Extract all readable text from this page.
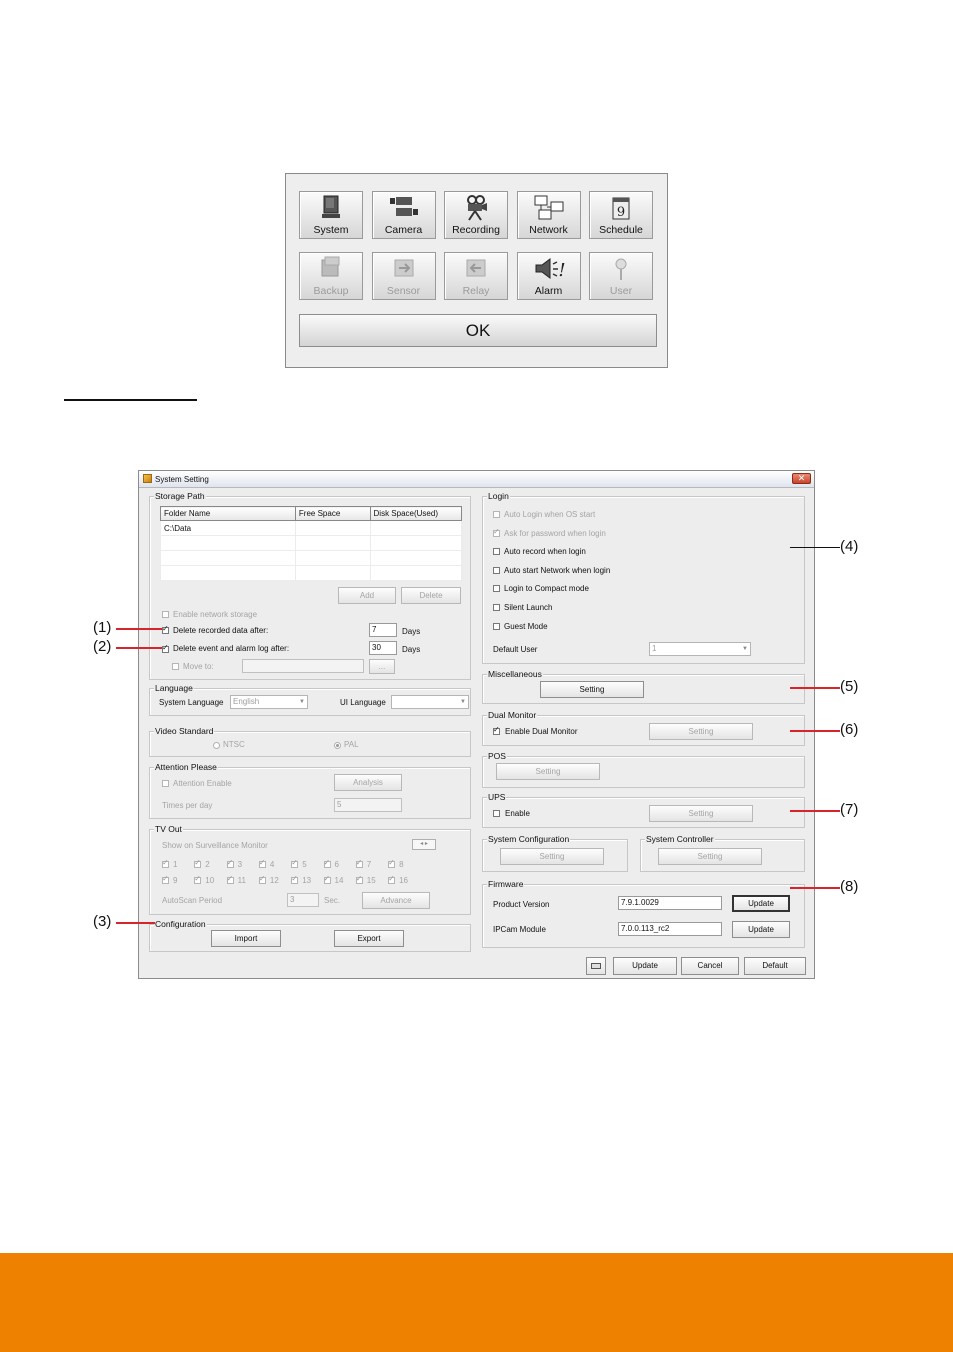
System	Camera	Recording	Network
9
Schedule
Backup	Sensor	Relay
!
Alarm	User
OK
System Setting	✕
Storage Path
Folder Name	Free Space	Disk Space(Used)
C:\Data		

Add	Delete
Enable network storage
✓ Delete recorded data after:	7	Days
✓ Delete event and alarm log after:	30	Days
Move to:	...
Language
System Language	English	▼	UI Language	▼
Video Standard
NTSC	PAL
Attention Please
Attention Enable	Analysis
Times per day	5
TV Out
Show on Surveillance Monitor	◂ ▸
✓ 1 ✓ 2 ✓ 3 ✓ 4 ✓ 5 ✓ 6 ✓ 7 ✓ 8
✓ 9 ✓ 10 ✓ 11 ✓ 12 ✓ 13 ✓ 14 ✓ 15 ✓ 16
AutoScan Period	3	Sec.	Advance
Configuration
Import	Export
Login
Auto Login when OS start
✓ Ask for password when login
Auto record when login
Auto start Network when login
Login to Compact mode
Silent Launch
Guest Mode
Default User	1	▼
Miscellaneous
Setting
Dual Monitor
✓ Enable Dual Monitor	Setting
POS
Setting
UPS
Enable	Setting
System Configuration
Setting
System Controller
Setting
Firmware
Product Version	7.9.1.0029	Update
IPCam Module	7.0.0.113_rc2	Update
Update	Cancel	Default
(1)
(2)
(3)
(4)
(5)
(6)
(7)
(8)
